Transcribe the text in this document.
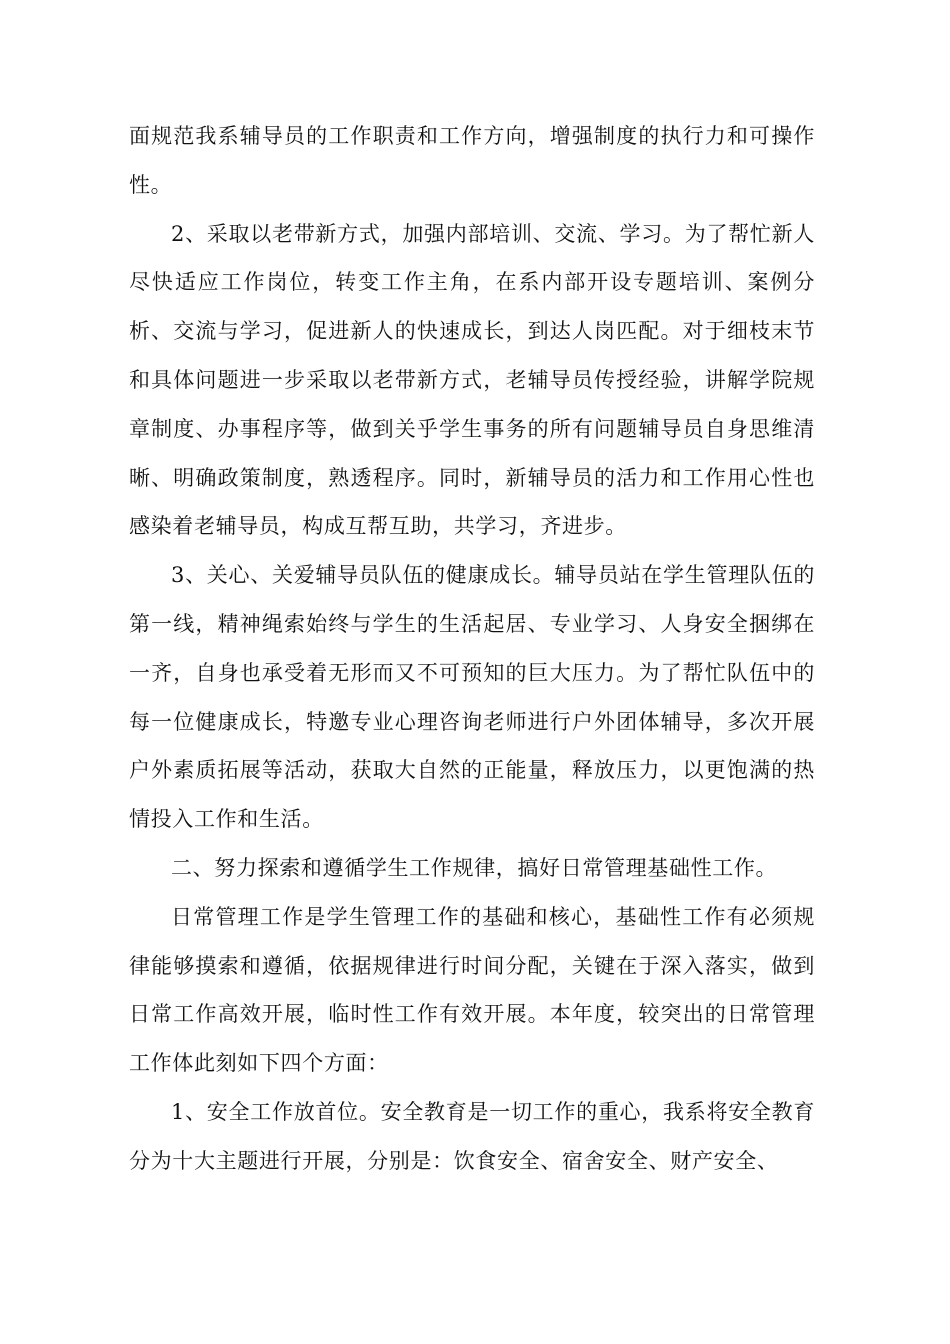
面规范我系辅导员的工作职责和工作方向，增强制度的执行力和可操作性。

2、采取以老带新方式，加强内部培训、交流、学习。为了帮忙新人尽快适应工作岗位，转变工作主角，在系内部开设专题培训、案例分析、交流与学习，促进新人的快速成长，到达人岗匹配。对于细枝末节和具体问题进一步采取以老带新方式，老辅导员传授经验，讲解学院规章制度、办事程序等，做到关乎学生事务的所有问题辅导员自身思维清晰、明确政策制度，熟透程序。同时，新辅导员的活力和工作用心性也感染着老辅导员，构成互帮互助，共学习，齐进步。

3、关心、关爱辅导员队伍的健康成长。辅导员站在学生管理队伍的第一线，精神绳索始终与学生的生活起居、专业学习、人身安全捆绑在一齐，自身也承受着无形而又不可预知的巨大压力。为了帮忙队伍中的每一位健康成长，特邀专业心理咨询老师进行户外团体辅导，多次开展户外素质拓展等活动，获取大自然的正能量，释放压力，以更饱满的热情投入工作和生活。

二、努力探索和遵循学生工作规律，搞好日常管理基础性工作。

日常管理工作是学生管理工作的基础和核心，基础性工作有必须规律能够摸索和遵循，依据规律进行时间分配，关键在于深入落实，做到日常工作高效开展，临时性工作有效开展。本年度，较突出的日常管理工作体此刻如下四个方面：

1、安全工作放首位。安全教育是一切工作的重心，我系将安全教育分为十大主题进行开展，分别是：饮食安全、宿舍安全、财产安全、
